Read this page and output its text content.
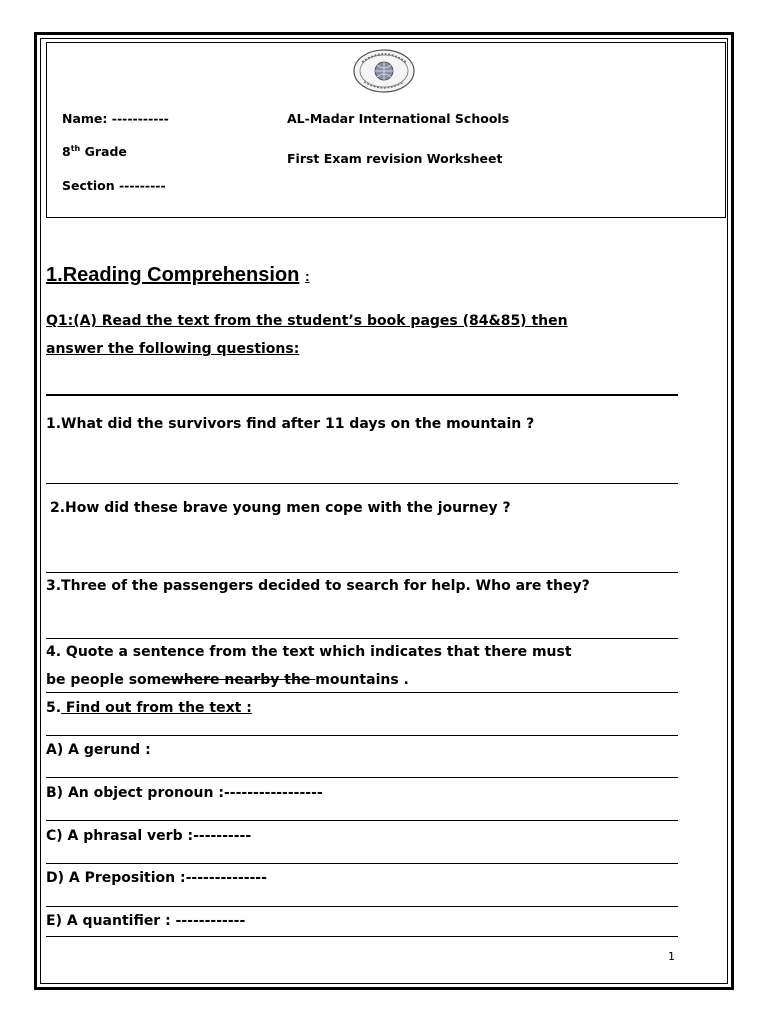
Name: -----------	AL-Madar International Schools
8th Grade	First Exam revision Worksheet
Section ---------
1.Reading Comprehension :
Q1:(A) Read the text from the student’s book pages (84&85) then
answer the following questions:
1.What did the survivors find after 11 days on the mountain ?
2.How did these brave young men cope with the journey ?
3.Three of the passengers decided to search for help. Who are they?
4. Quote a sentence from the text which indicates that there must
be people somewhere nearby the mountains .
5. Find out from the text :
A) A gerund :
B) An object pronoun :-----------------
C) A phrasal verb :----------
D) A Preposition :--------------
E) A quantifier : ------------
1
